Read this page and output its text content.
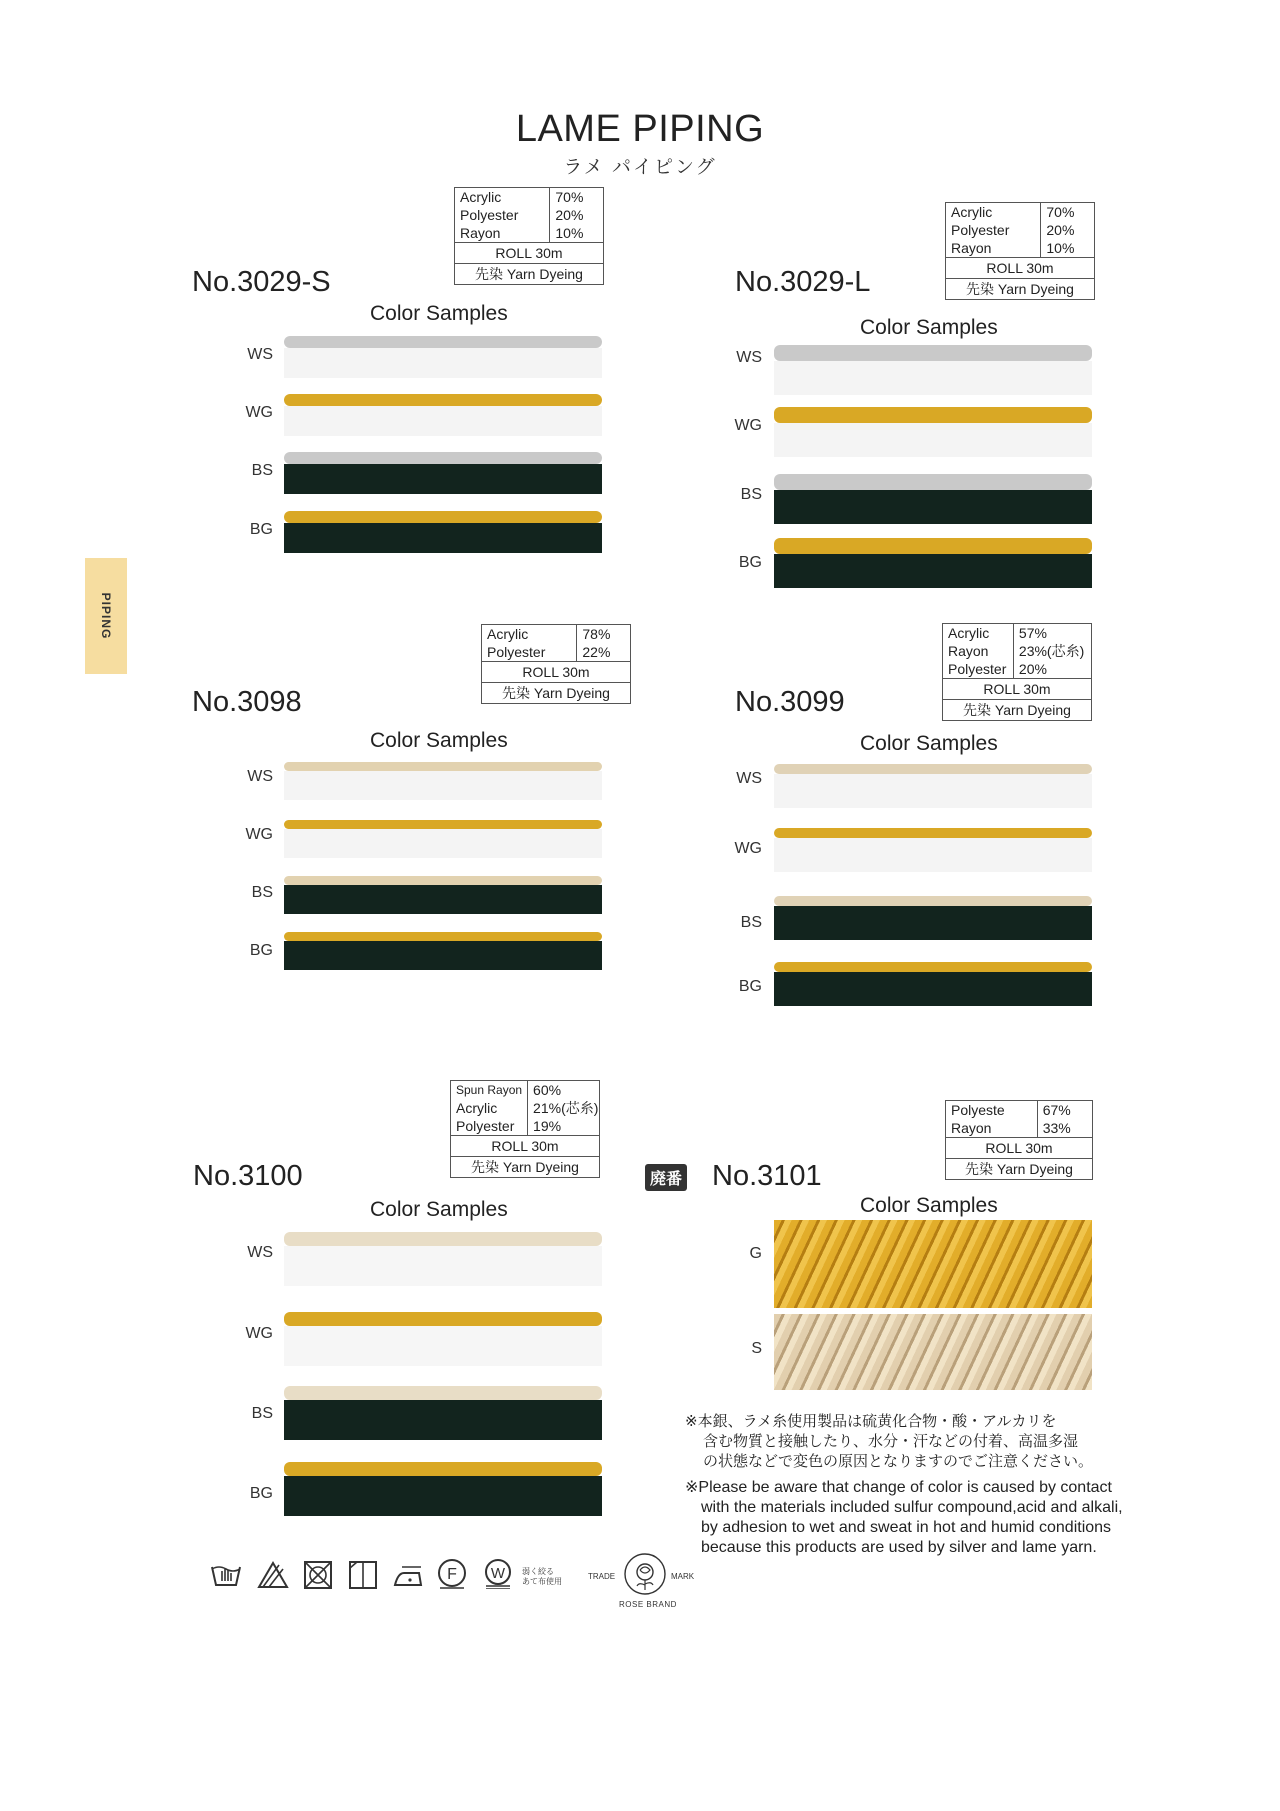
LAME PIPING
ラメ パイピング
PIPING
Acrylic	70%
Polyester	20%
Rayon	10%
ROLL 30m
先染 Yarn Dyeing
No.3029-S
Color Samples
WS
WG
BS
BG
Acrylic	70%
Polyester	20%
Rayon	10%
ROLL 30m
先染 Yarn Dyeing
No.3029-L
Color Samples
WS
WG
BS
BG
Acrylic	78%
Polyester	22%
ROLL 30m
先染 Yarn Dyeing
No.3098
Color Samples
WS
WG
BS
BG
Acrylic	57%
Rayon	23%(芯糸)
Polyester	20%
ROLL 30m
先染 Yarn Dyeing
No.3099
Color Samples
WS
WG
BS
BG
Spun Rayon	60%
Acrylic	21%(芯糸)
Polyester	19%
ROLL 30m
先染 Yarn Dyeing
No.3100
Color Samples
WS
WG
BS
BG
Polyeste	67%
Rayon	33%
ROLL 30m
先染 Yarn Dyeing
廃番 No.3101
Color Samples
G
S
※本銀、ラメ糸使用製品は硫黄化合物・酸・アルカリを
含む物質と接触したり、水分・汗などの付着、高温多湿
の状態などで変色の原因となりますのでご注意ください。
※Please be aware that change of color is caused by contact
with the materials included sulfur compound,acid and alkali,
by adhesion to wet and sweat in hot and humid conditions
because this products are used by silver and lame yarn.
F W 弱く絞る
あて布使用
TRADE	MARK
ROSE BRAND
